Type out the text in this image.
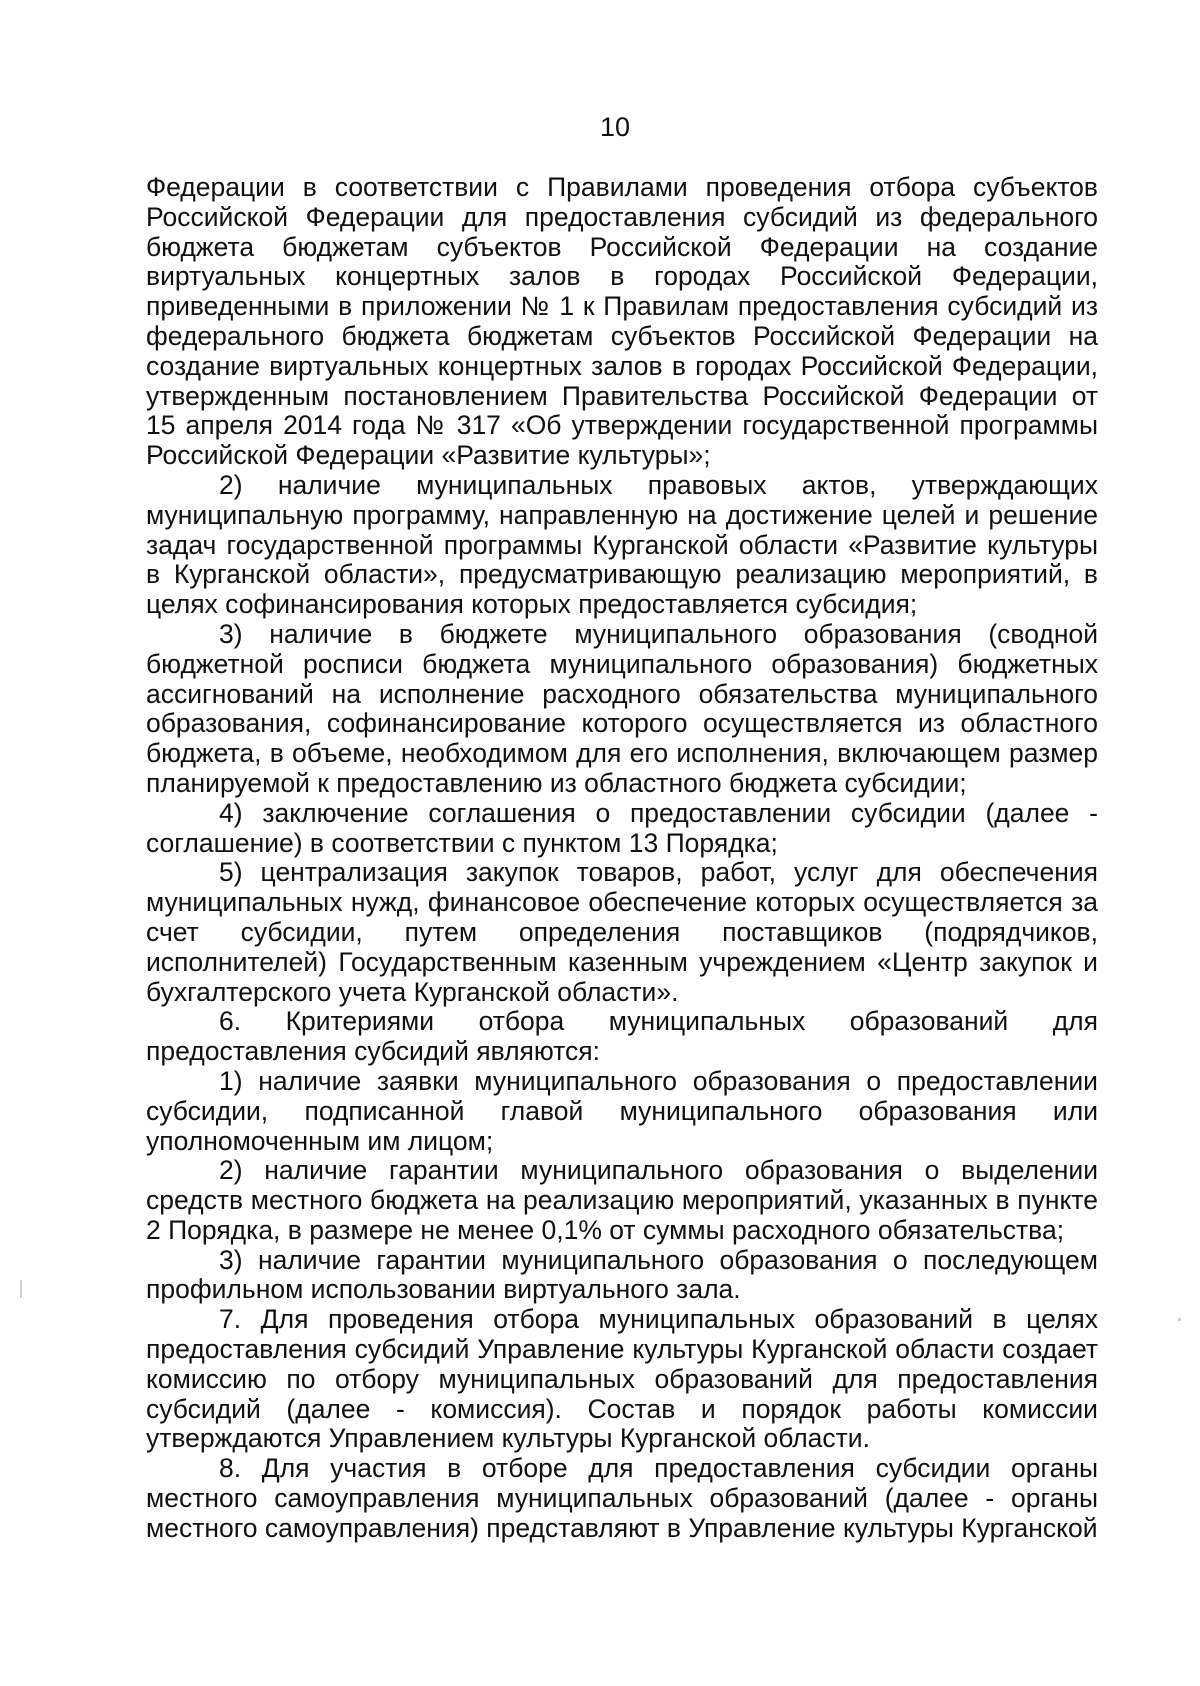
10

Федерации в соответствии с Правилами проведения отбора субъектов Российской Федерации для предоставления субсидий из федерального бюджета бюджетам субъектов Российской Федерации на создание виртуальных концертных залов в городах Российской Федерации, приведенными в приложении № 1 к Правилам предоставления субсидий из федерального бюджета бюджетам субъектов Российской Федерации на создание виртуальных концертных залов в городах Российской Федерации, утвержденным постановлением Правительства Российской Федерации от 15 апреля 2014 года № 317 «Об утверждении государственной программы Российской Федерации «Развитие культуры»;

2) наличие муниципальных правовых актов, утверждающих муниципальную программу, направленную на достижение целей и решение задач государственной программы Курганской области «Развитие культуры в Курганской области», предусматривающую реализацию мероприятий, в целях софинансирования которых предоставляется субсидия;

3) наличие в бюджете муниципального образования (сводной бюджетной росписи бюджета муниципального образования) бюджетных ассигнований на исполнение расходного обязательства муниципального образования, софинансирование которого осуществляется из областного бюджета, в объеме, необходимом для его исполнения, включающем размер планируемой к предоставлению из областного бюджета субсидии;

4) заключение соглашения о предоставлении субсидии (далее - соглашение) в соответствии с пунктом 13 Порядка;

5) централизация закупок товаров, работ, услуг для обеспечения муниципальных нужд, финансовое обеспечение которых осуществляется за счет субсидии, путем определения поставщиков (подрядчиков, исполнителей) Государственным казенным учреждением «Центр закупок и бухгалтерского учета Курганской области».

6. Критериями отбора муниципальных образований для предоставления субсидий являются:

1) наличие заявки муниципального образования о предоставлении субсидии, подписанной главой муниципального образования или уполномоченным им лицом;

2) наличие гарантии муниципального образования о выделении средств местного бюджета на реализацию мероприятий, указанных в пункте 2 Порядка, в размере не менее 0,1% от суммы расходного обязательства;

3) наличие гарантии муниципального образования о последующем профильном использовании виртуального зала.

7. Для проведения отбора муниципальных образований в целях предоставления субсидий Управление культуры Курганской области создает комиссию по отбору муниципальных образований для предоставления субсидий (далее - комиссия). Состав и порядок работы комиссии утверждаются Управлением культуры Курганской области.

8. Для участия в отборе для предоставления субсидии органы местного самоуправления муниципальных образований (далее - органы местного самоуправления) представляют в Управление культуры Курганской
